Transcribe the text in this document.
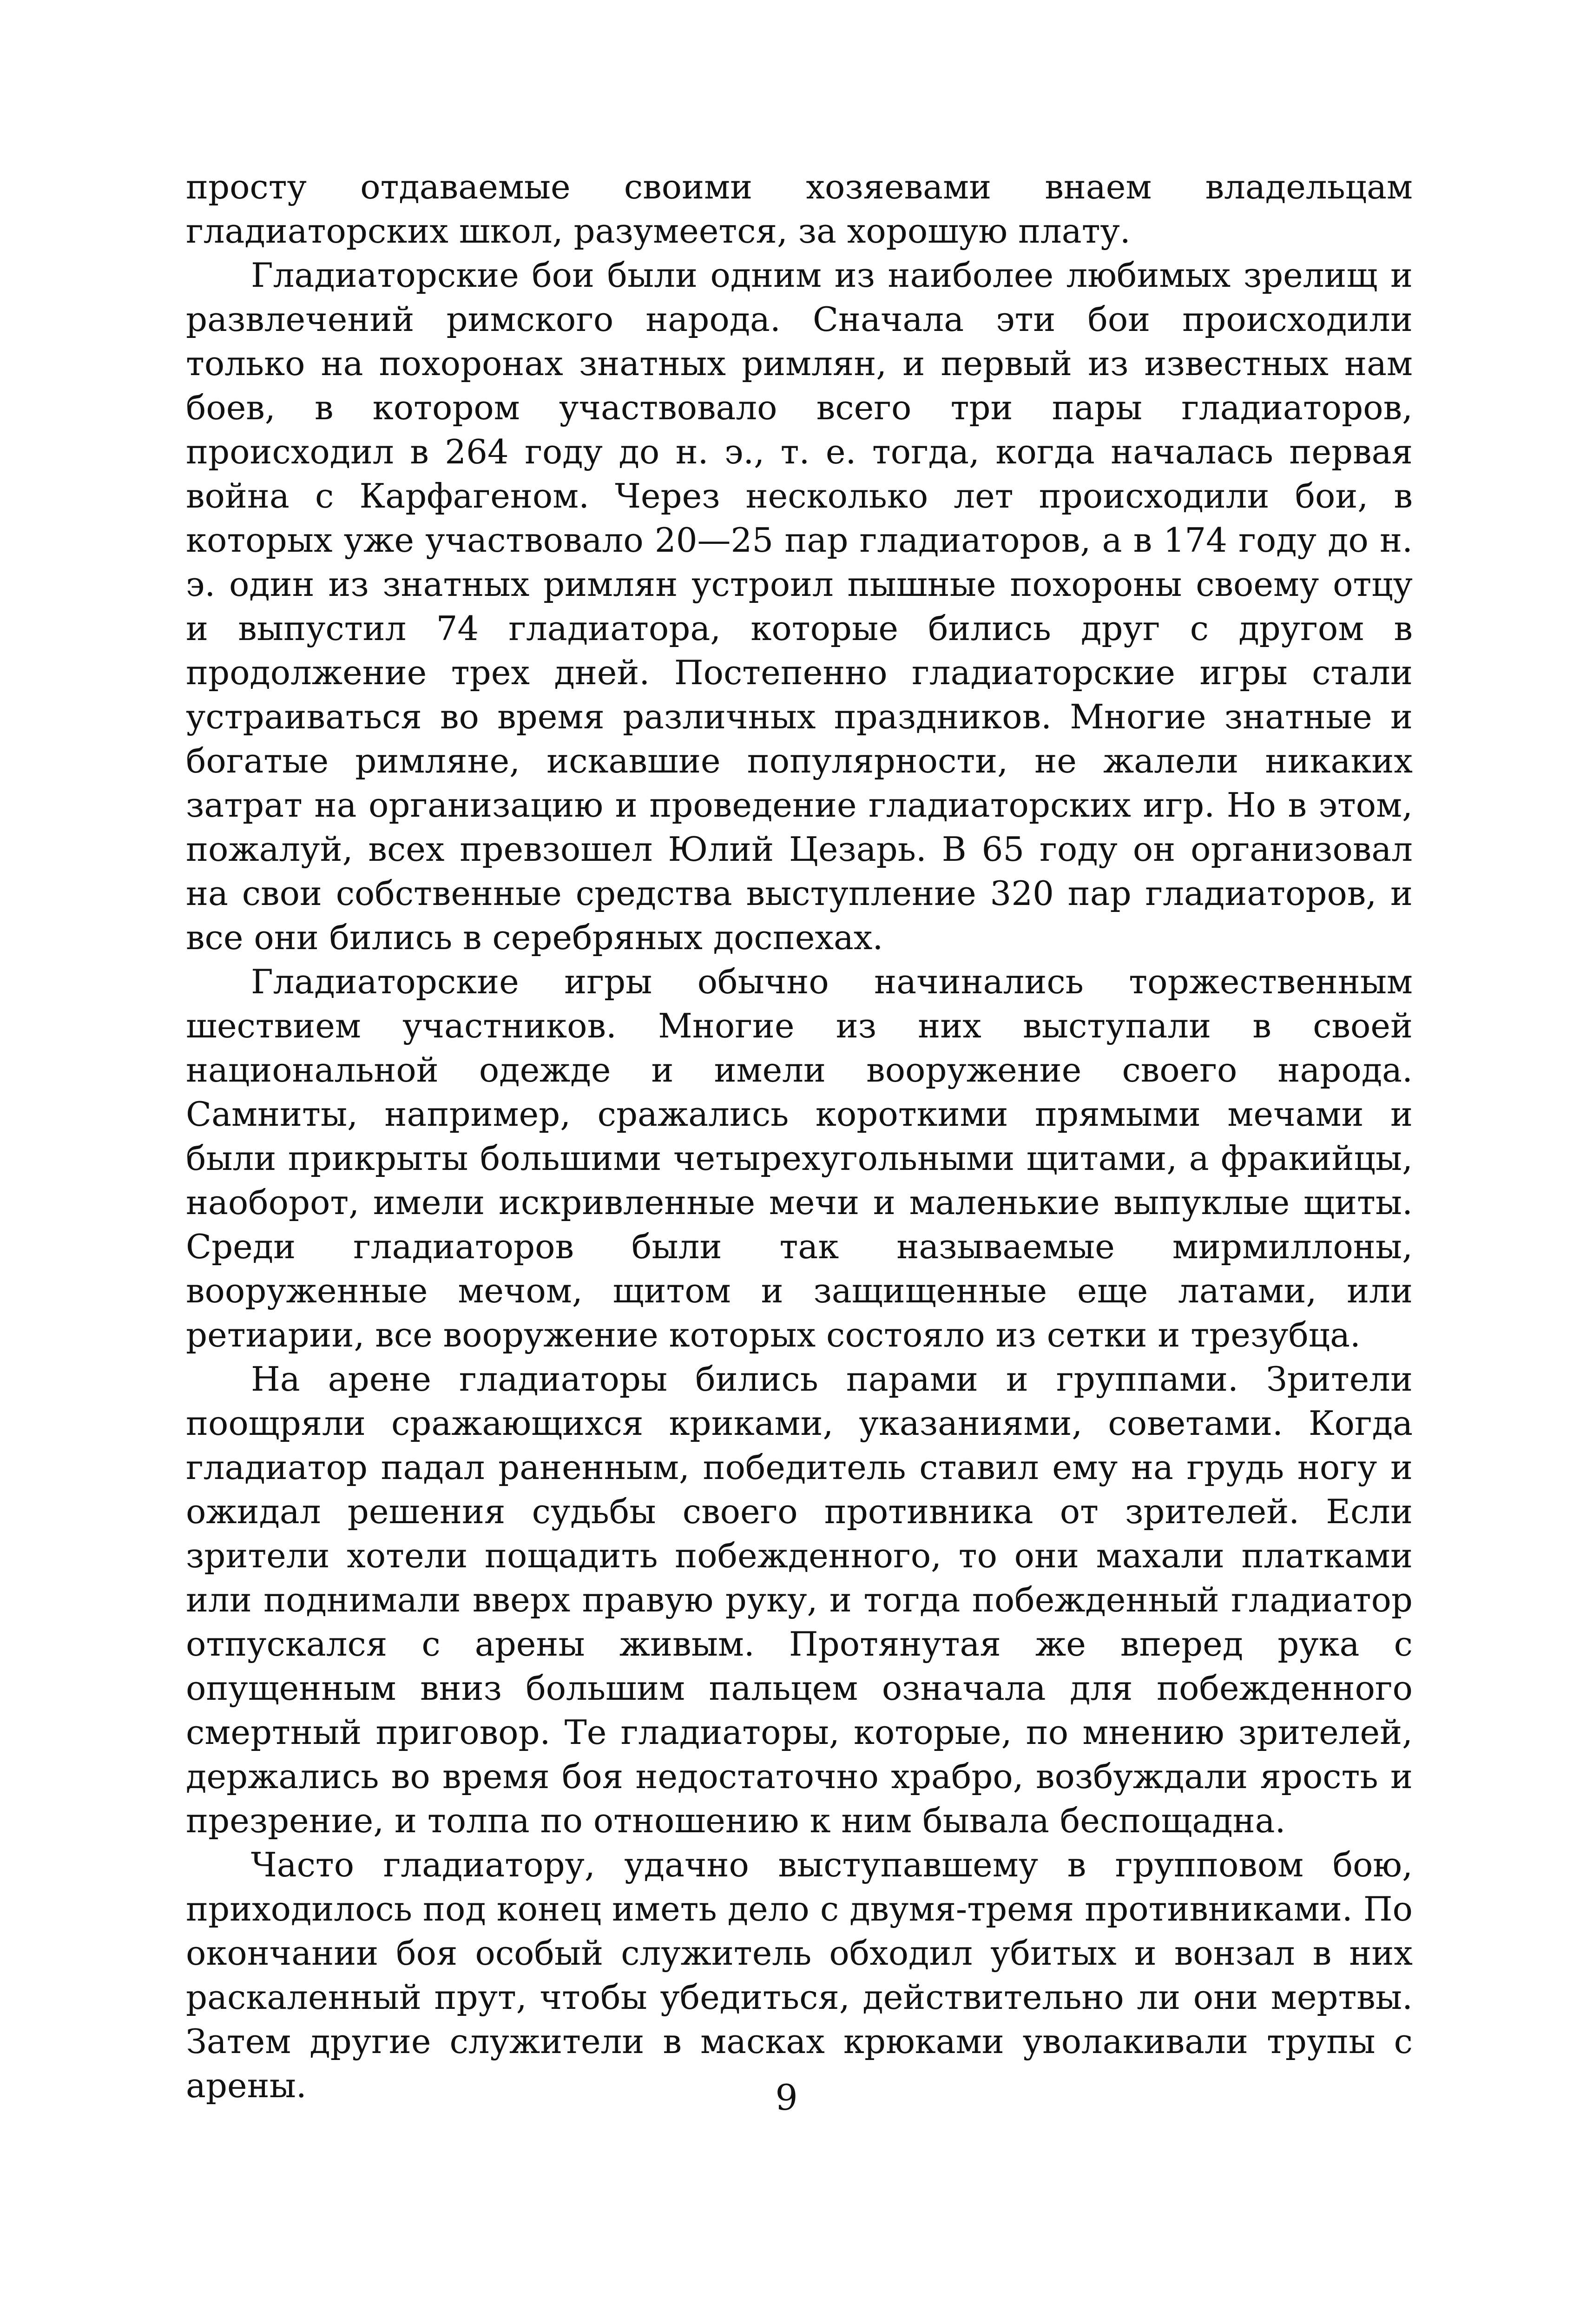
просту отдаваемые своими хозяевами внаем владельцам гладиаторских школ, разумеется, за хорошую плату.

Гладиаторские бои были одним из наиболее любимых зрелищ и развлечений римского народа. Сначала эти бои происходили только на похоронах знатных римлян, и первый из известных нам боев, в котором участвовало всего три пары гладиаторов, происходил в 264 году до н. э., т. е. тогда, когда началась первая война с Карфагеном. Через несколько лет происходили бои, в которых уже участвовало 20—25 пар гладиаторов, а в 174 году до н. э. один из знатных римлян устроил пышные похороны своему отцу и выпустил 74 гладиатора, которые бились друг с другом в продолжение трех дней. Постепенно гладиаторские игры стали устраиваться во время различных праздников. Многие знатные и богатые римляне, искавшие популярности, не жалели никаких затрат на организацию и проведение гладиаторских игр. Но в этом, пожалуй, всех превзошел Юлий Цезарь. В 65 году он организовал на свои собственные средства выступление 320 пар гладиаторов, и все они бились в серебряных доспехах.

Гладиаторские игры обычно начинались торжественным шествием участников. Многие из них выступали в своей национальной одежде и имели вооружение своего народа. Самниты, например, сражались короткими прямыми мечами и были прикрыты большими четырехугольными щитами, а фракийцы, наоборот, имели искривленные мечи и маленькие выпуклые щиты. Среди гладиаторов были так называемые мирмиллоны, вооруженные мечом, щитом и защищенные еще латами, или ретиарии, все вооружение которых состояло из сетки и трезубца.

На арене гладиаторы бились парами и группами. Зрители поощряли сражающихся криками, указаниями, советами. Когда гладиатор падал раненным, победитель ставил ему на грудь ногу и ожидал решения судьбы своего противника от зрителей. Если зрители хотели пощадить побежденного, то они махали платками или поднимали вверх правую руку, и тогда побежденный гладиатор отпускался с арены живым. Протянутая же вперед рука с опущенным вниз большим пальцем означала для побежденного смертный приговор. Те гладиаторы, которые, по мнению зрителей, держались во время боя недостаточно храбро, возбуждали ярость и презрение, и толпа по отношению к ним бывала беспощадна.

Часто гладиатору, удачно выступавшему в групповом бою, приходилось под конец иметь дело с двумя-тремя противниками. По окончании боя особый служитель обходил убитых и вонзал в них раскаленный прут, чтобы убедиться, действительно ли они мертвы. Затем другие служители в масках крюками уволакивали трупы с арены.	9
